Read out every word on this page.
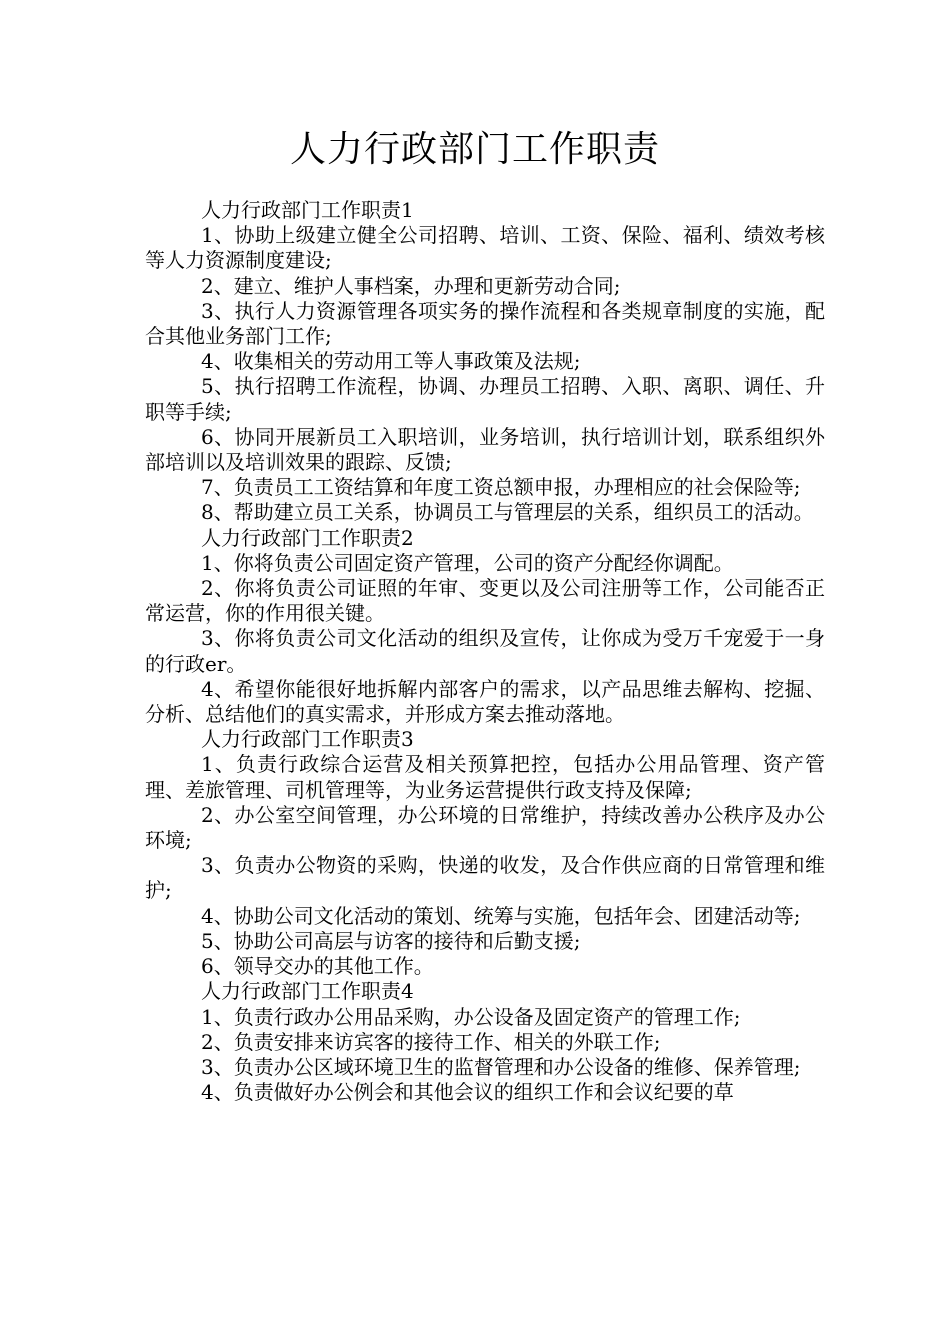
人力行政部门工作职责

人力行政部门工作职责1

1、协助上级建立健全公司招聘、培训、工资、保险、福利、绩效考核等人力资源制度建设;

2、建立、维护人事档案，办理和更新劳动合同;

3、执行人力资源管理各项实务的操作流程和各类规章制度的实施，配合其他业务部门工作;

4、收集相关的劳动用工等人事政策及法规;

5、执行招聘工作流程，协调、办理员工招聘、入职、离职、调任、升职等手续;

6、协同开展新员工入职培训，业务培训，执行培训计划，联系组织外部培训以及培训效果的跟踪、反馈;

7、负责员工工资结算和年度工资总额申报，办理相应的社会保险等;

8、帮助建立员工关系，协调员工与管理层的关系，组织员工的活动。

人力行政部门工作职责2

1、你将负责公司固定资产管理，公司的资产分配经你调配。

2、你将负责公司证照的年审、变更以及公司注册等工作，公司能否正常运营，你的作用很关键。

3、你将负责公司文化活动的组织及宣传，让你成为受万千宠爱于一身的行政er。

4、希望你能很好地拆解内部客户的需求，以产品思维去解构、挖掘、分析、总结他们的真实需求，并形成方案去推动落地。

人力行政部门工作职责3

1、负责行政综合运营及相关预算把控，包括办公用品管理、资产管理、差旅管理、司机管理等，为业务运营提供行政支持及保障;

2、办公室空间管理，办公环境的日常维护，持续改善办公秩序及办公环境;

3、负责办公物资的采购，快递的收发，及合作供应商的日常管理和维护;

4、协助公司文化活动的策划、统筹与实施，包括年会、团建活动等;

5、协助公司高层与访客的接待和后勤支援;

6、领导交办的其他工作。

人力行政部门工作职责4

1、负责行政办公用品采购，办公设备及固定资产的管理工作;

2、负责安排来访宾客的接待工作、相关的外联工作;

3、负责办公区域环境卫生的监督管理和办公设备的维修、保养管理;

4、负责做好办公例会和其他会议的组织工作和会议纪要的草
